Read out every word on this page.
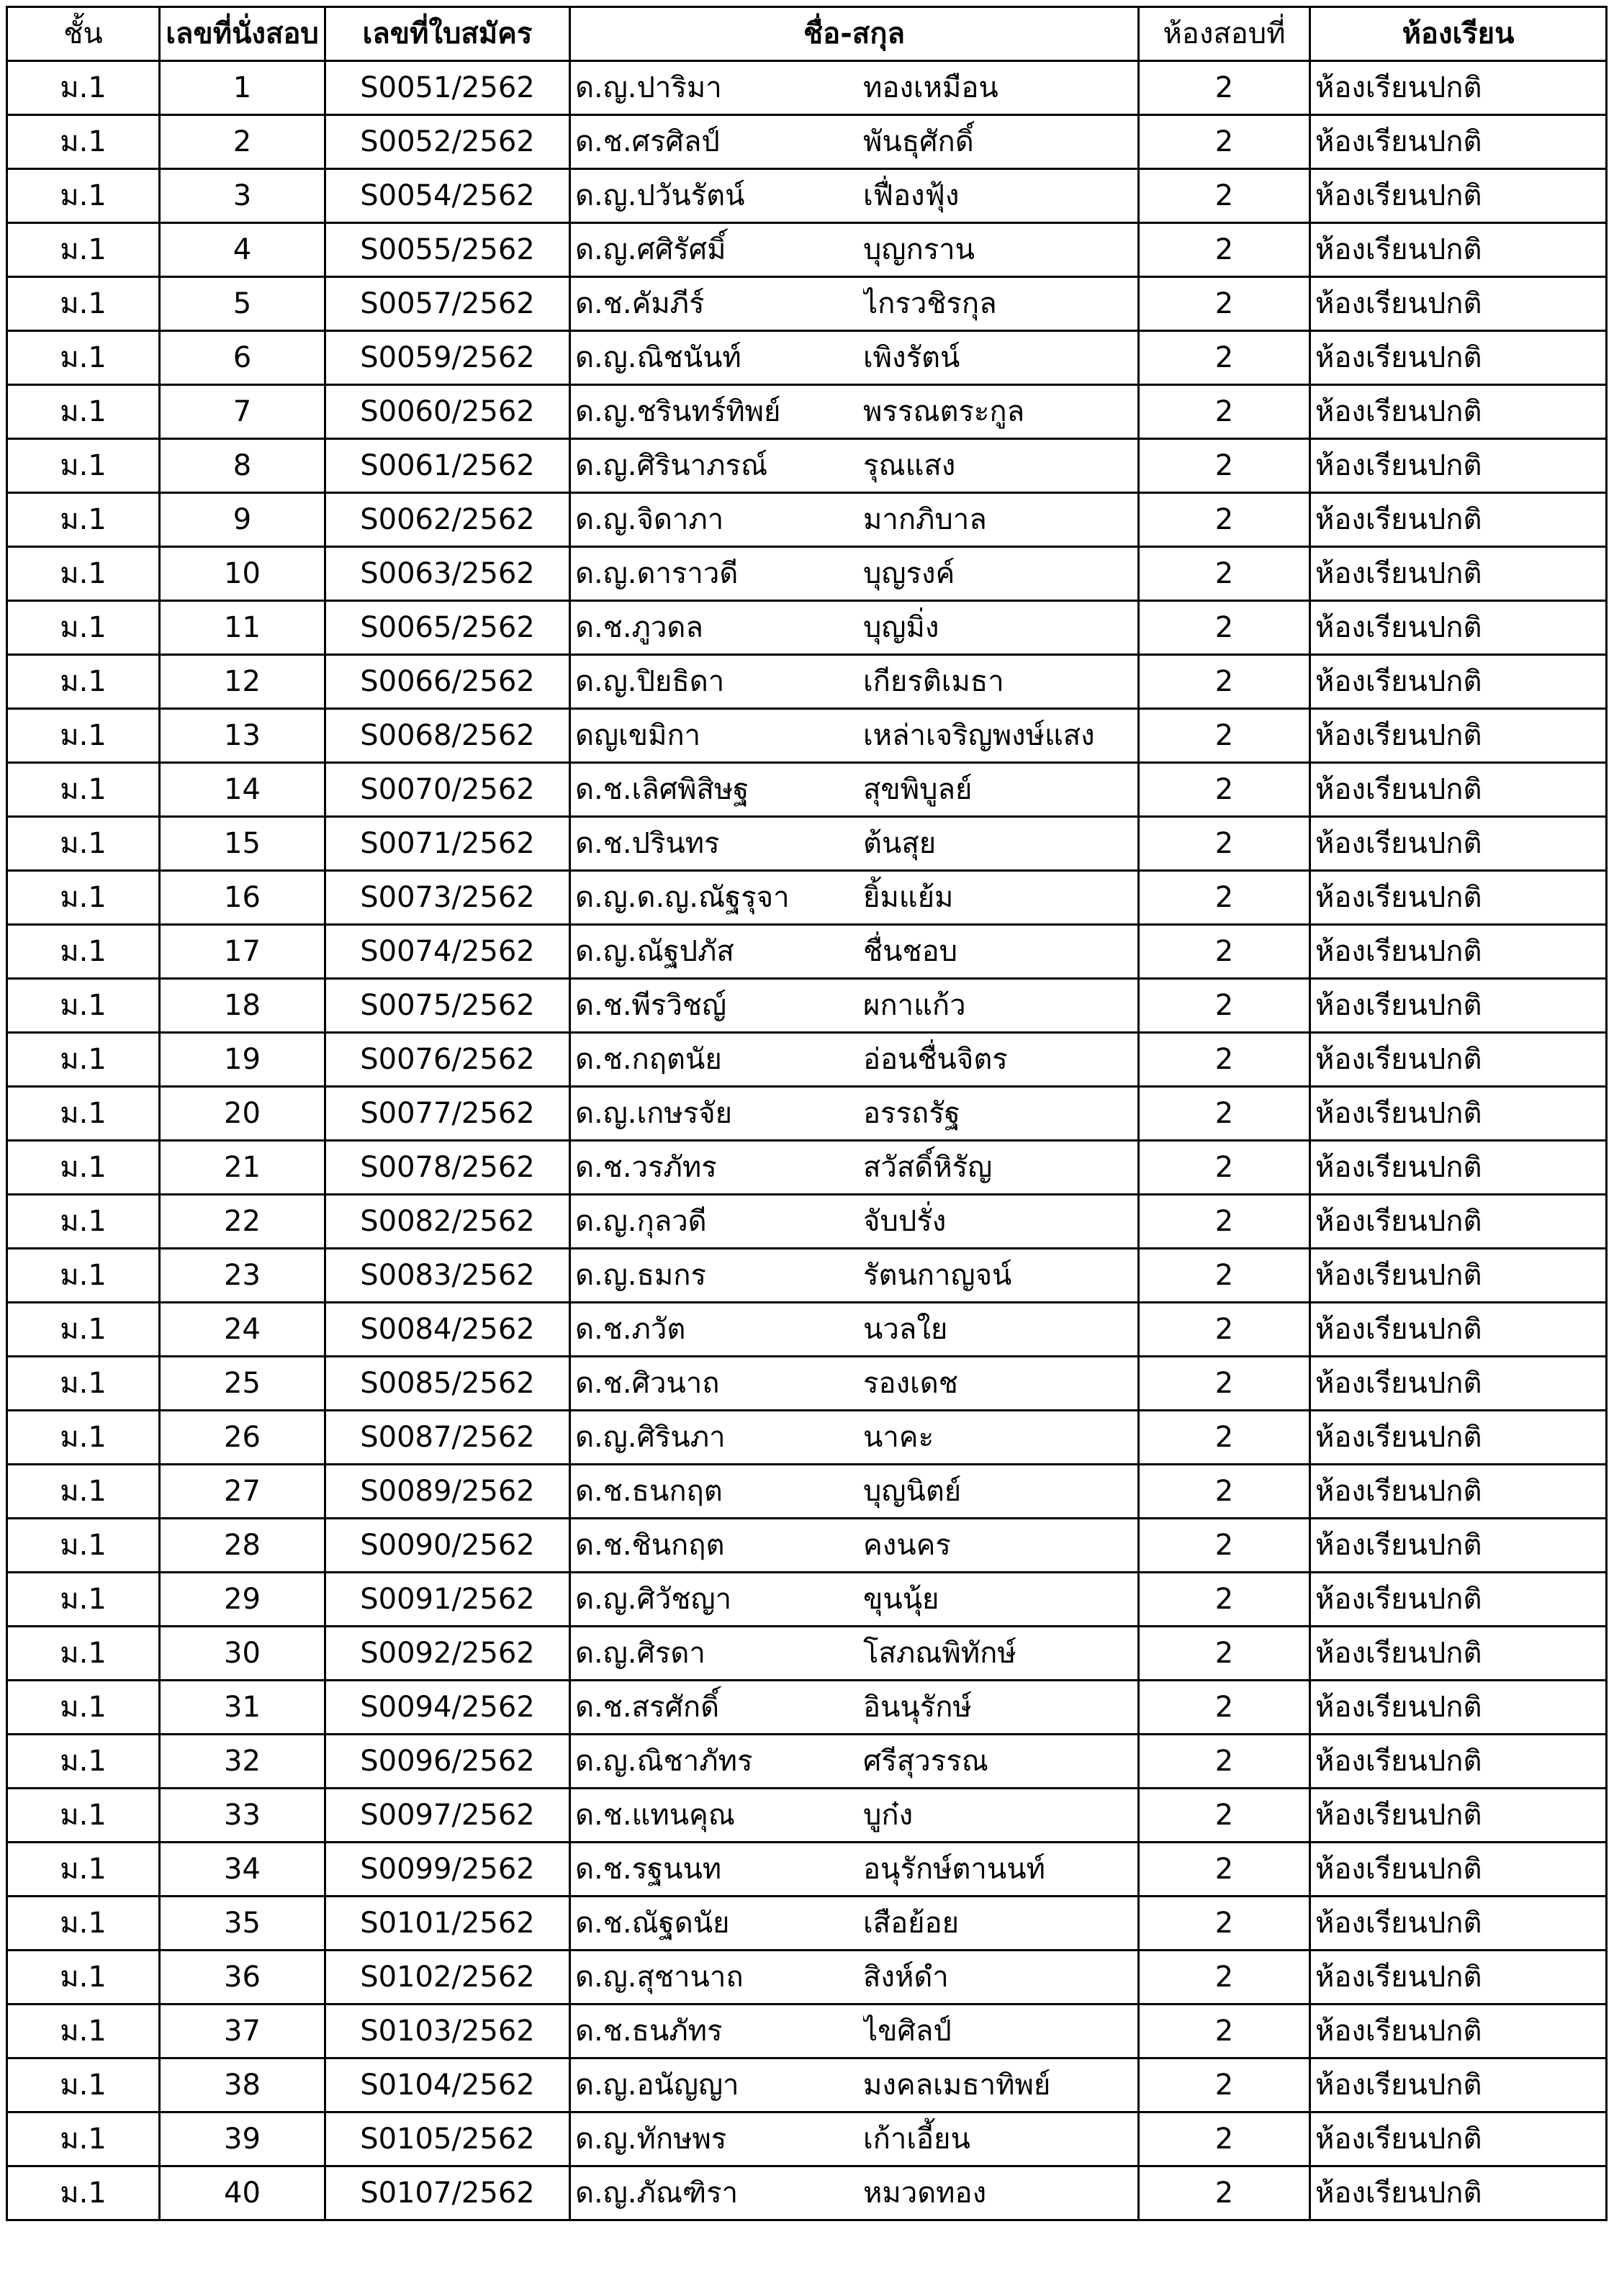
ชั้น	เลขที่นั่งสอบ	เลขที่ใบสมัคร	ชื่อ-สกุล	ห้องสอบที่	ห้องเรียน
ม.1	1	S0051/2562	ด.ญ.ปาริมา ทองเหมือน	2	ห้องเรียนปกติ
ม.1	2	S0052/2562	ด.ช.ศรศิลป์ พันธุศักดิ์	2	ห้องเรียนปกติ
ม.1	3	S0054/2562	ด.ญ.ปวันรัตน์ เฟื่องฟุ้ง	2	ห้องเรียนปกติ
ม.1	4	S0055/2562	ด.ญ.ศศิรัศมิ์ บุญกราน	2	ห้องเรียนปกติ
ม.1	5	S0057/2562	ด.ช.คัมภีร์ ไกรวชิรกุล	2	ห้องเรียนปกติ
ม.1	6	S0059/2562	ด.ญ.ณิชนันท์ เพิงรัตน์	2	ห้องเรียนปกติ
ม.1	7	S0060/2562	ด.ญ.ชรินทร์ทิพย์ พรรณตระกูล	2	ห้องเรียนปกติ
ม.1	8	S0061/2562	ด.ญ.ศิรินาภรณ์ รุณแสง	2	ห้องเรียนปกติ
ม.1	9	S0062/2562	ด.ญ.จิดาภา มากภิบาล	2	ห้องเรียนปกติ
ม.1	10	S0063/2562	ด.ญ.ดาราวดี บุญรงค์	2	ห้องเรียนปกติ
ม.1	11	S0065/2562	ด.ช.ภูวดล บุญมิ่ง	2	ห้องเรียนปกติ
ม.1	12	S0066/2562	ด.ญ.ปิยธิดา เกียรติเมธา	2	ห้องเรียนปกติ
ม.1	13	S0068/2562	ดญเขมิกา เหล่าเจริญพงษ์แสง	2	ห้องเรียนปกติ
ม.1	14	S0070/2562	ด.ช.เลิศพิสิษฐ สุขพิบูลย์	2	ห้องเรียนปกติ
ม.1	15	S0071/2562	ด.ช.ปรินทร ต้นสุย	2	ห้องเรียนปกติ
ม.1	16	S0073/2562	ด.ญ.ด.ญ.ณัฐรุจา ยิ้มแย้ม	2	ห้องเรียนปกติ
ม.1	17	S0074/2562	ด.ญ.ณัฐปภัส ชื่นชอบ	2	ห้องเรียนปกติ
ม.1	18	S0075/2562	ด.ช.พีรวิชญ์ ผกาแก้ว	2	ห้องเรียนปกติ
ม.1	19	S0076/2562	ด.ช.กฤตนัย อ่อนชื่นจิตร	2	ห้องเรียนปกติ
ม.1	20	S0077/2562	ด.ญ.เกษรจัย อรรถรัฐ	2	ห้องเรียนปกติ
ม.1	21	S0078/2562	ด.ช.วรภัทร สวัสดิ์หิรัญ	2	ห้องเรียนปกติ
ม.1	22	S0082/2562	ด.ญ.กุลวดี จับปรั่ง	2	ห้องเรียนปกติ
ม.1	23	S0083/2562	ด.ญ.ธมกร รัตนกาญจน์	2	ห้องเรียนปกติ
ม.1	24	S0084/2562	ด.ช.ภวัต นวลใย	2	ห้องเรียนปกติ
ม.1	25	S0085/2562	ด.ช.ศิวนาถ รองเดช	2	ห้องเรียนปกติ
ม.1	26	S0087/2562	ด.ญ.ศิรินภา นาคะ	2	ห้องเรียนปกติ
ม.1	27	S0089/2562	ด.ช.ธนกฤต บุญนิตย์	2	ห้องเรียนปกติ
ม.1	28	S0090/2562	ด.ช.ชินกฤต คงนคร	2	ห้องเรียนปกติ
ม.1	29	S0091/2562	ด.ญ.ศิวัชญา ขุนนุ้ย	2	ห้องเรียนปกติ
ม.1	30	S0092/2562	ด.ญ.ศิรดา โสภณพิทักษ์	2	ห้องเรียนปกติ
ม.1	31	S0094/2562	ด.ช.สรศักดิ์ อินนุรักษ์	2	ห้องเรียนปกติ
ม.1	32	S0096/2562	ด.ญ.ณิชาภัทร ศรีสุวรรณ	2	ห้องเรียนปกติ
ม.1	33	S0097/2562	ด.ช.แทนคุณ บูก๋ง	2	ห้องเรียนปกติ
ม.1	34	S0099/2562	ด.ช.รฐนนท อนุรักษ์ตานนท์	2	ห้องเรียนปกติ
ม.1	35	S0101/2562	ด.ช.ณัฐดนัย เสือย้อย	2	ห้องเรียนปกติ
ม.1	36	S0102/2562	ด.ญ.สุชานาถ สิงห์ดำ	2	ห้องเรียนปกติ
ม.1	37	S0103/2562	ด.ช.ธนภัทร ไขศิลป์	2	ห้องเรียนปกติ
ม.1	38	S0104/2562	ด.ญ.อนัญญา มงคลเมธาทิพย์	2	ห้องเรียนปกติ
ม.1	39	S0105/2562	ด.ญ.ทักษพร เก้าเอี้ยน	2	ห้องเรียนปกติ
ม.1	40	S0107/2562	ด.ญ.ภัณฑิรา หมวดทอง	2	ห้องเรียนปกติ
